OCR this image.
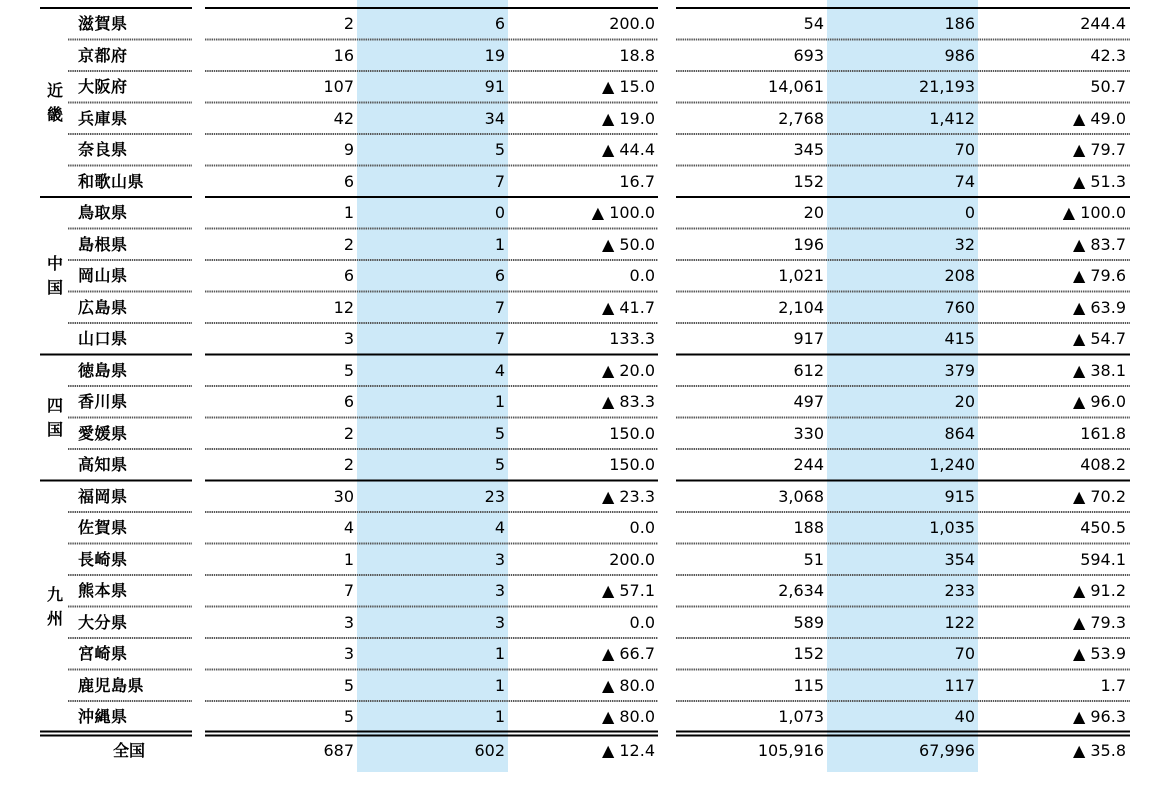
滋賀県	2	6	200.0	54	186	244.4
京都府	16	19	18.8	693	986	42.3
大阪府	107	91	▲ 15.0	14,061	21,193	50.7
兵庫県	42	34	▲ 19.0	2,768	1,412	▲ 49.0
奈良県	9	5	▲ 44.4	345	70	▲ 79.7
和歌山県	6	7	16.7	152	74	▲ 51.3
近畿
鳥取県	1	0	▲ 100.0	20	0	▲ 100.0
島根県	2	1	▲ 50.0	196	32	▲ 83.7
岡山県	6	6	0.0	1,021	208	▲ 79.6
広島県	12	7	▲ 41.7	2,104	760	▲ 63.9
山口県	3	7	133.3	917	415	▲ 54.7
中国
徳島県	5	4	▲ 20.0	612	379	▲ 38.1
香川県	6	1	▲ 83.3	497	20	▲ 96.0
愛媛県	2	5	150.0	330	864	161.8
高知県	2	5	150.0	244	1,240	408.2
四国
福岡県	30	23	▲ 23.3	3,068	915	▲ 70.2
佐賀県	4	4	0.0	188	1,035	450.5
長崎県	1	3	200.0	51	354	594.1
熊本県	7	3	▲ 57.1	2,634	233	▲ 91.2
大分県	3	3	0.0	589	122	▲ 79.3
宮崎県	3	1	▲ 66.7	152	70	▲ 53.9
鹿児島県	5	1	▲ 80.0	115	117	1.7
沖縄県	5	1	▲ 80.0	1,073	40	▲ 96.3
九州
全国	687	602	▲ 12.4	105,916	67,996	▲ 35.8
